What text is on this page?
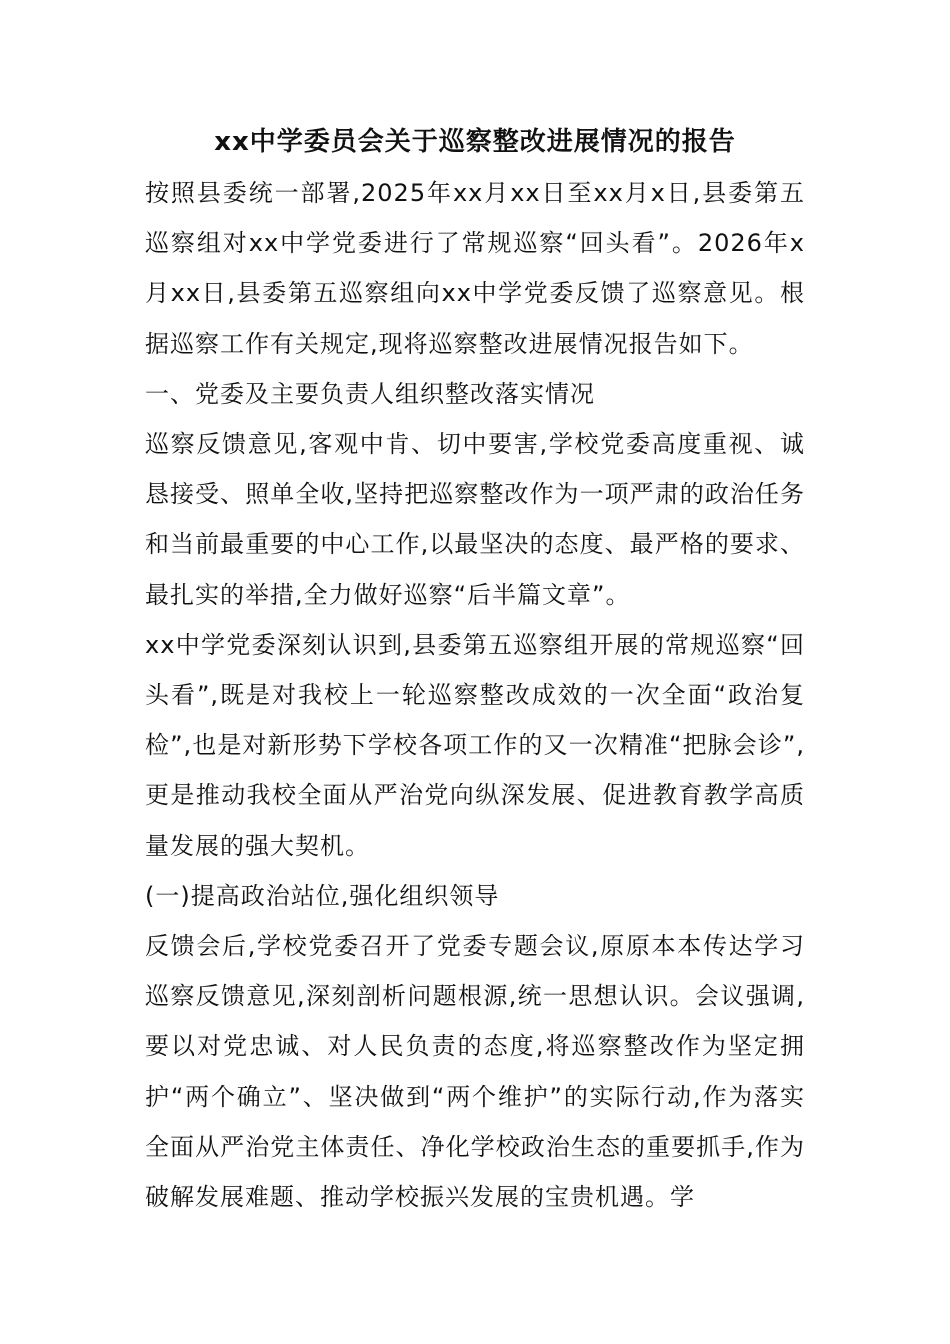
xx中学委员会关于巡察整改进展情况的报告

按照县委统一部署,2025年xx月xx日至xx月x日,县委第五巡察组对xx中学党委进行了常规巡察“回头看”。2026年x月xx日,县委第五巡察组向xx中学党委反馈了巡察意见。根据巡察工作有关规定,现将巡察整改进展情况报告如下。

一、党委及主要负责人组织整改落实情况

巡察反馈意见,客观中肯、切中要害,学校党委高度重视、诚恳接受、照单全收,坚持把巡察整改作为一项严肃的政治任务和当前最重要的中心工作,以最坚决的态度、最严格的要求、最扎实的举措,全力做好巡察“后半篇文章”。

xx中学党委深刻认识到,县委第五巡察组开展的常规巡察“回头看”,既是对我校上一轮巡察整改成效的一次全面“政治复检”,也是对新形势下学校各项工作的又一次精准“把脉会诊”,更是推动我校全面从严治党向纵深发展、促进教育教学高质量发展的强大契机。

(一)提高政治站位,强化组织领导

反馈会后,学校党委召开了党委专题会议,原原本本传达学习巡察反馈意见,深刻剖析问题根源,统一思想认识。会议强调,要以对党忠诚、对人民负责的态度,将巡察整改作为坚定拥护“两个确立”、坚决做到“两个维护”的实际行动,作为落实全面从严治党主体责任、净化学校政治生态的重要抓手,作为破解发展难题、推动学校振兴发展的宝贵机遇。学
